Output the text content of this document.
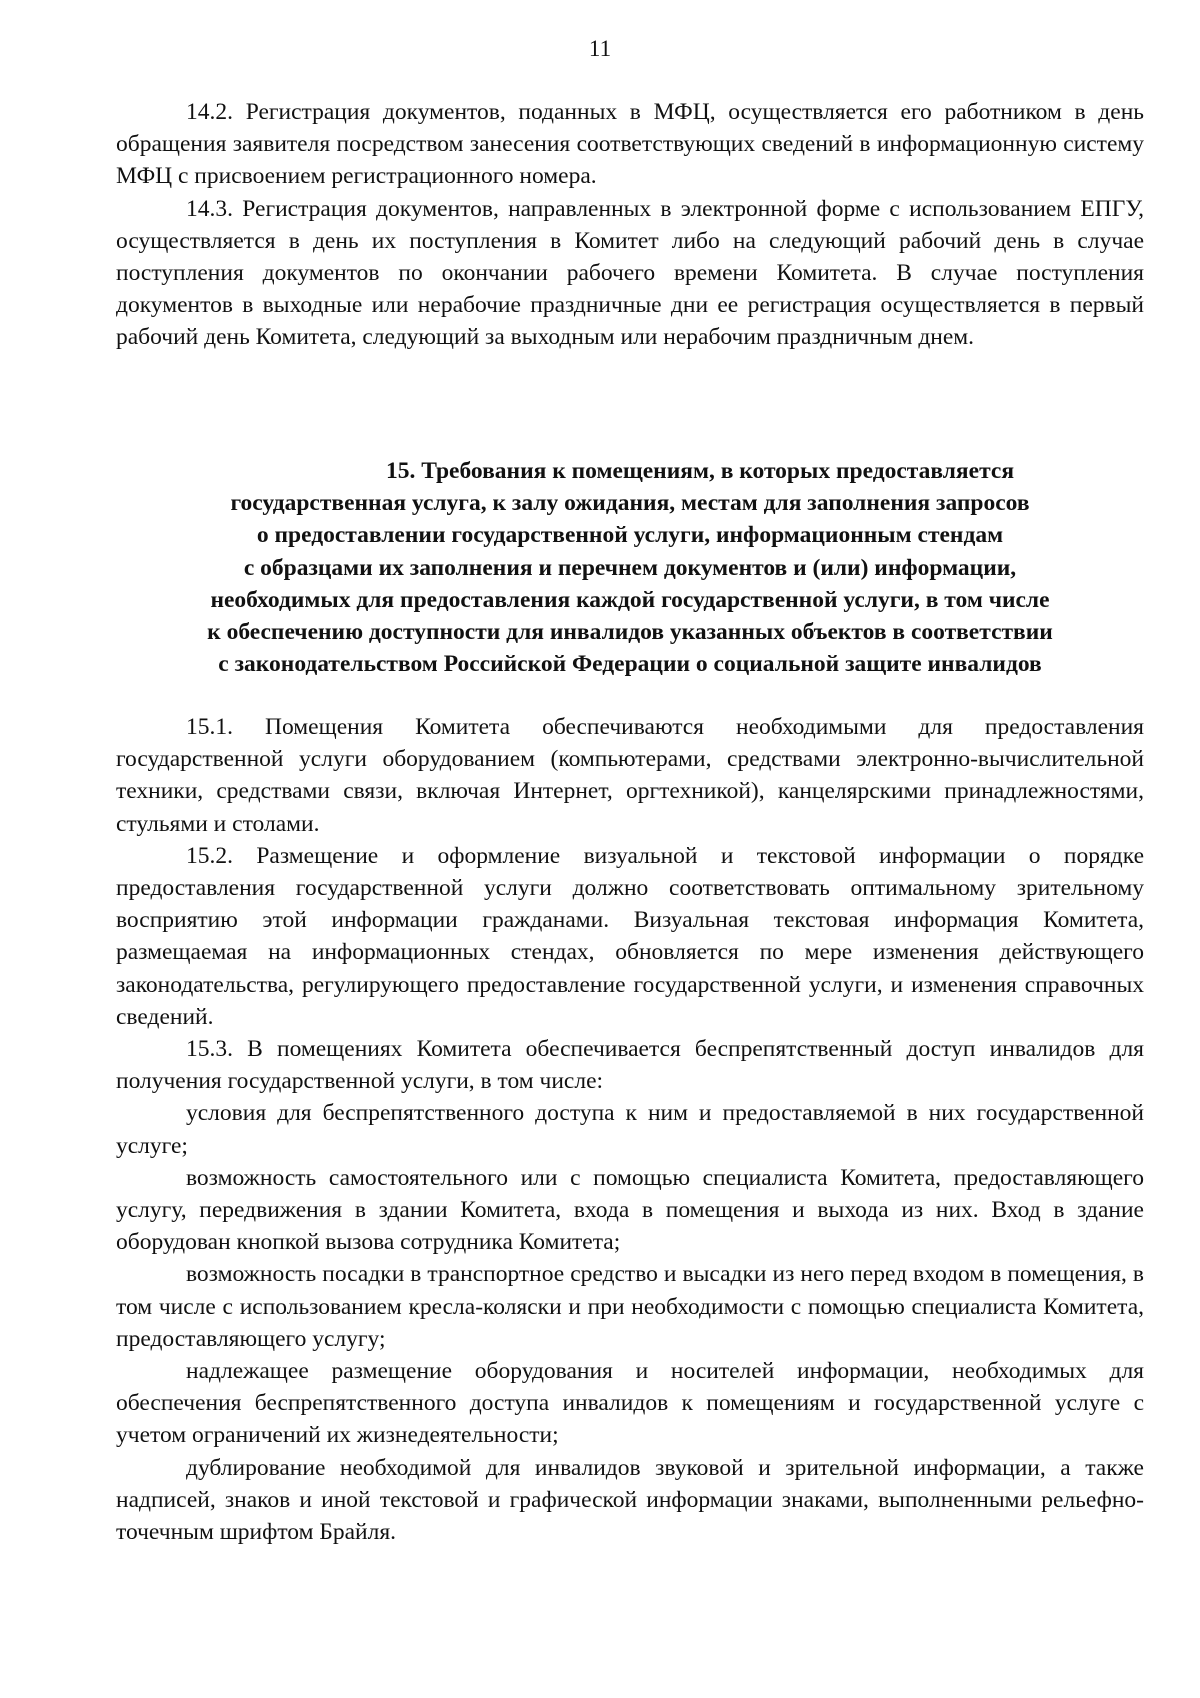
11

14.2. Регистрация документов, поданных в МФЦ, осуществляется его работником в день обращения заявителя посредством занесения соответствующих сведений в информационную систему МФЦ с присвоением регистрационного номера.

14.3. Регистрация документов, направленных в электронной форме с использованием ЕПГУ, осуществляется в день их поступления в Комитет либо на следующий рабочий день в случае поступления документов по окончании рабочего времени Комитета. В случае поступления документов в выходные или нерабочие праздничные дни ее регистрация осуществляется в первый рабочий день Комитета, следующий за выходным или нерабочим праздничным днем.

15. Требования к помещениям, в которых предоставляется
государственная услуга, к залу ожидания, местам для заполнения запросов
о предоставлении государственной услуги, информационным стендам
с образцами их заполнения и перечнем документов и (или) информации,
необходимых для предоставления каждой государственной услуги, в том числе
к обеспечению доступности для инвалидов указанных объектов в соответствии
с законодательством Российской Федерации о социальной защите инвалидов

15.1. Помещения Комитета обеспечиваются необходимыми для предоставления государственной услуги оборудованием (компьютерами, средствами электронно-вычислительной техники, средствами связи, включая Интернет, оргтехникой), канцелярскими принадлежностями, стульями и столами.

15.2. Размещение и оформление визуальной и текстовой информации о порядке предоставления государственной услуги должно соответствовать оптимальному зрительному восприятию этой информации гражданами. Визуальная текстовая информация Комитета, размещаемая на информационных стендах, обновляется по мере изменения действующего законодательства, регулирующего предоставление государственной услуги, и изменения справочных сведений.

15.3. В помещениях Комитета обеспечивается беспрепятственный доступ инвалидов для получения государственной услуги, в том числе:

условия для беспрепятственного доступа к ним и предоставляемой в них государственной услуге;

возможность самостоятельного или с помощью специалиста Комитета, предоставляющего услугу, передвижения в здании Комитета, входа в помещения и выхода из них. Вход в здание оборудован кнопкой вызова сотрудника Комитета;

возможность посадки в транспортное средство и высадки из него перед входом в помещения, в том числе с использованием кресла-коляски и при необходимости с помощью специалиста Комитета, предоставляющего услугу;

надлежащее размещение оборудования и носителей информации, необходимых для обеспечения беспрепятственного доступа инвалидов к помещениям и государственной услуге с учетом ограничений их жизнедеятельности;

дублирование необходимой для инвалидов звуковой и зрительной информации, а также надписей, знаков и иной текстовой и графической информации знаками, выполненными рельефно-точечным шрифтом Брайля.
